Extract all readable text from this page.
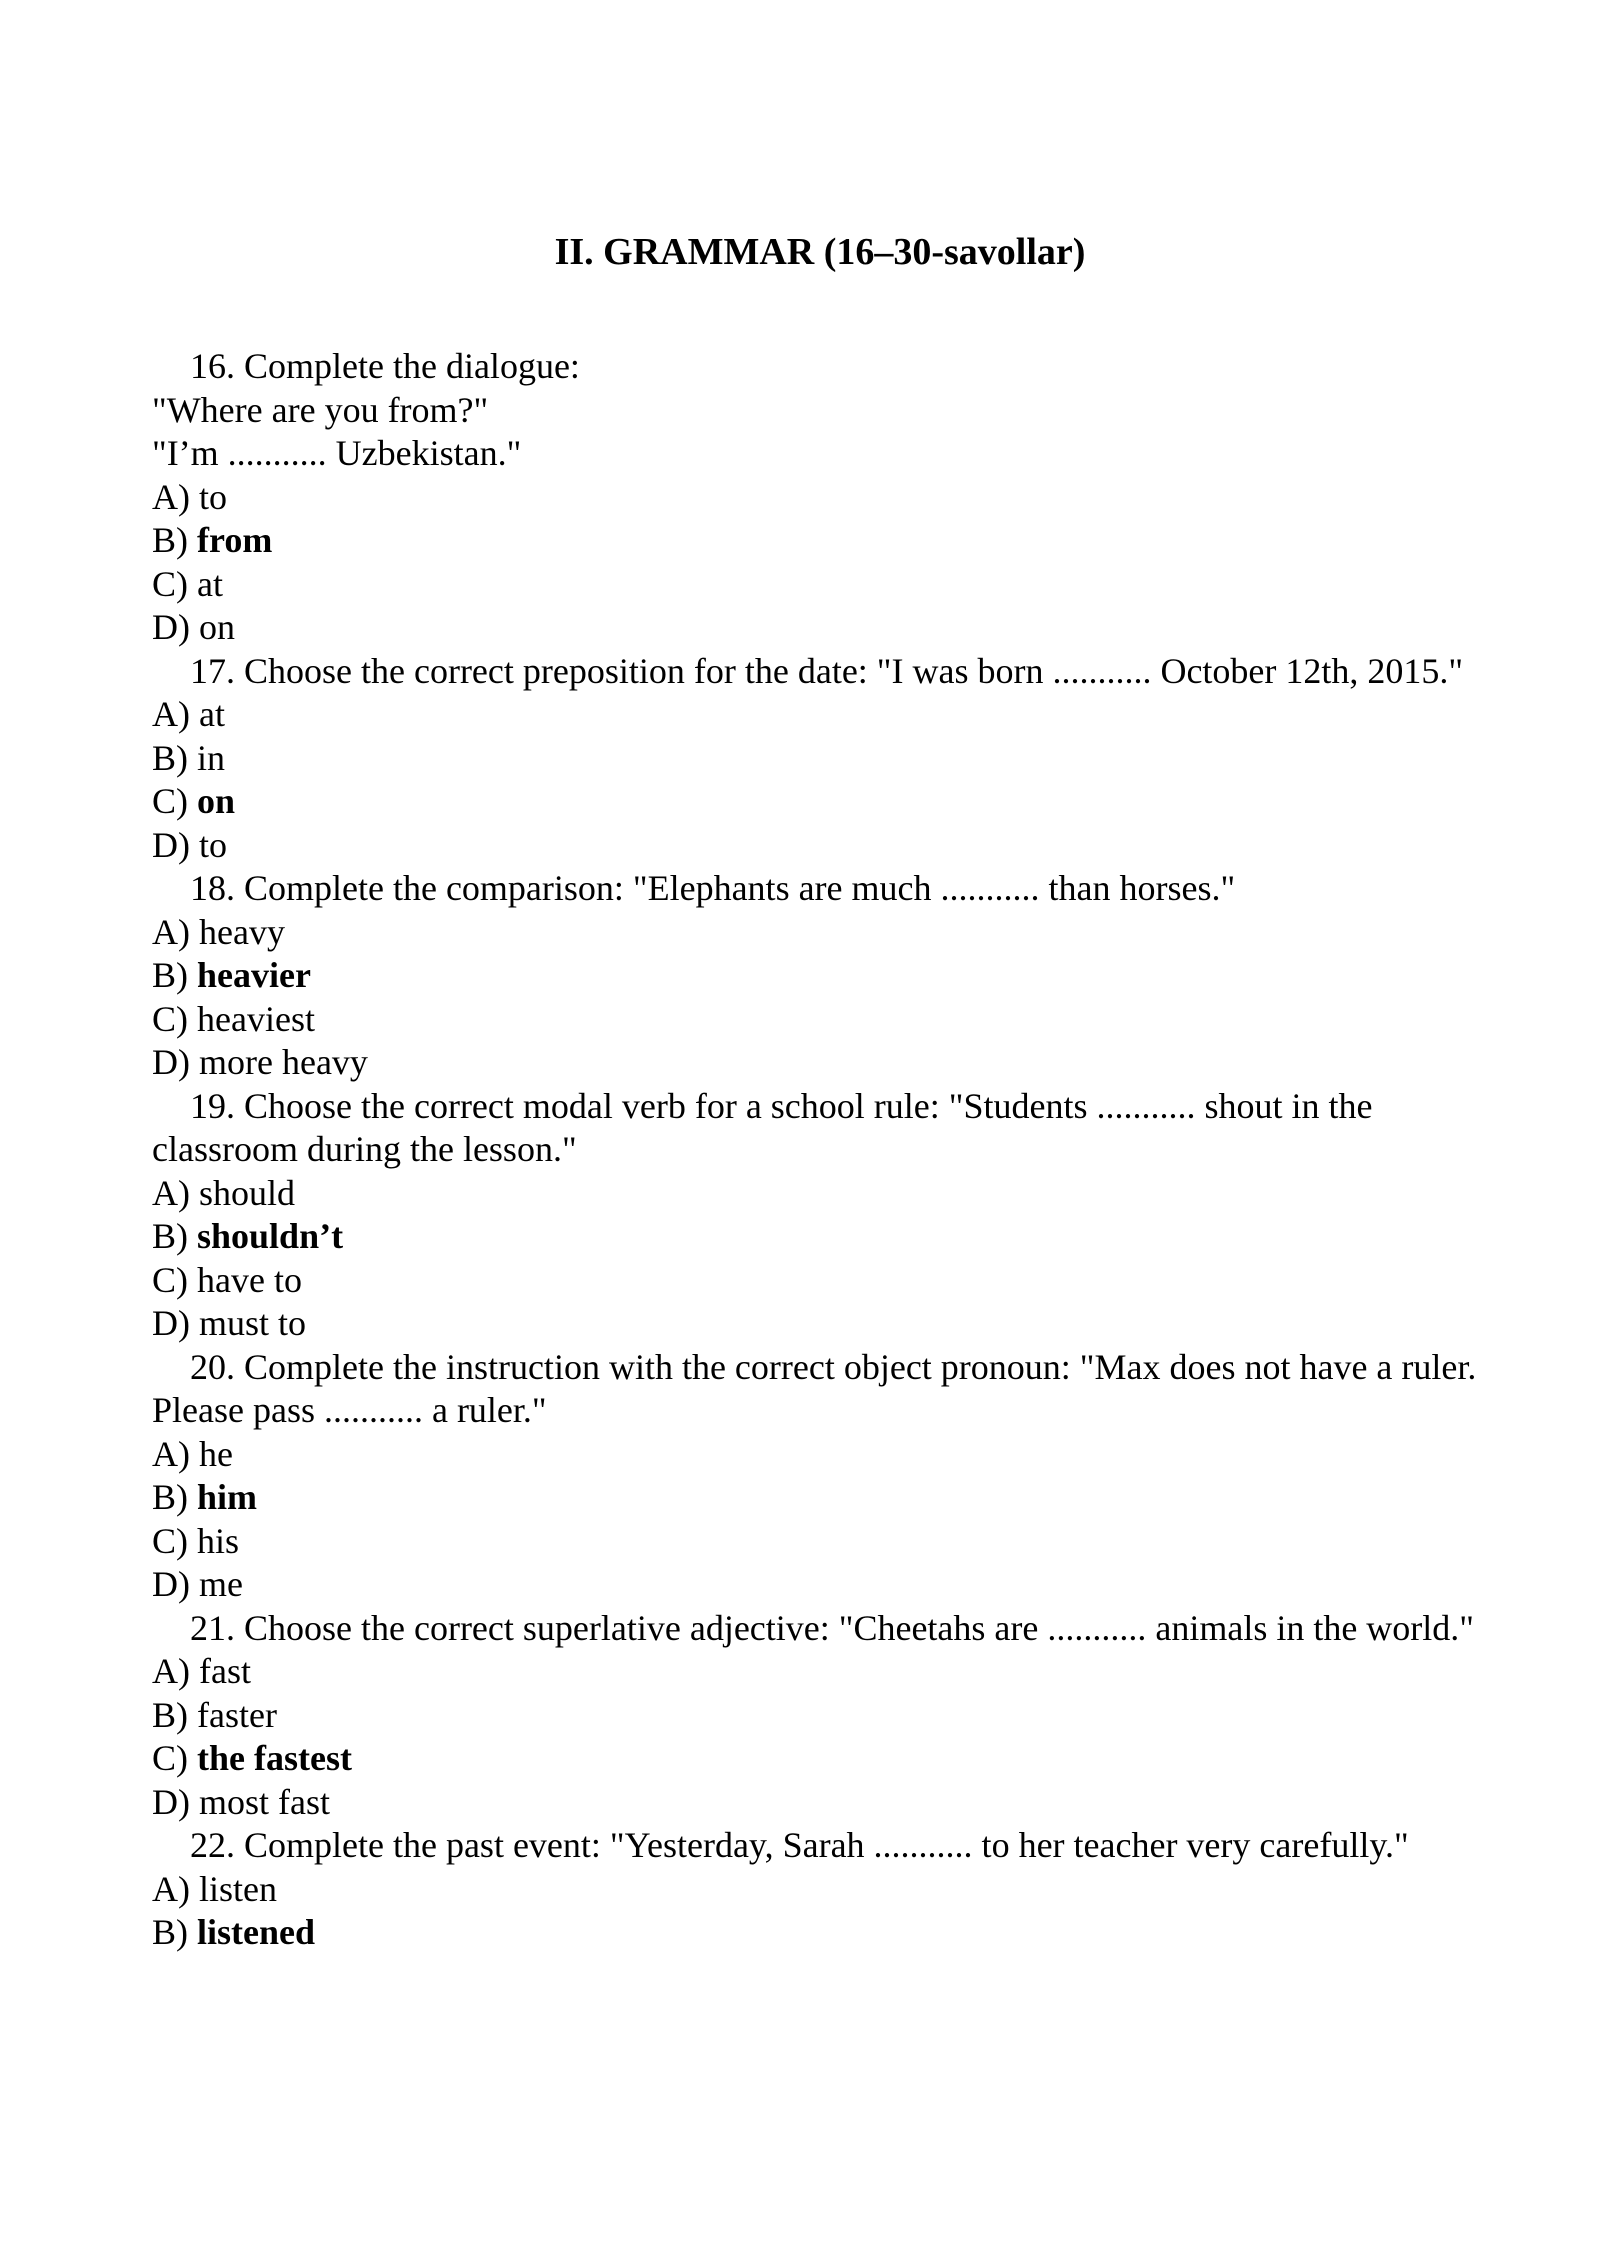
II. GRAMMAR (16–30-savollar)

16. Complete the dialogue:

"Where are you from?"

"I’m ........... Uzbekistan."

A) to

B) from

C) at

D) on

17. Choose the correct preposition for the date: "I was born ........... October 12th, 2015."

A) at

B) in

C) on

D) to

18. Complete the comparison: "Elephants are much ........... than horses."

A) heavy

B) heavier

C) heaviest

D) more heavy

19. Choose the correct modal verb for a school rule: "Students ........... shout in the classroom during the lesson."

A) should

B) shouldn’t

C) have to

D) must to

20. Complete the instruction with the correct object pronoun: "Max does not have a ruler. Please pass ........... a ruler."

A) he

B) him

C) his

D) me

21. Choose the correct superlative adjective: "Cheetahs are ........... animals in the world."

A) fast

B) faster

C) the fastest

D) most fast

22. Complete the past event: "Yesterday, Sarah ........... to her teacher very carefully."

A) listen

B) listened
